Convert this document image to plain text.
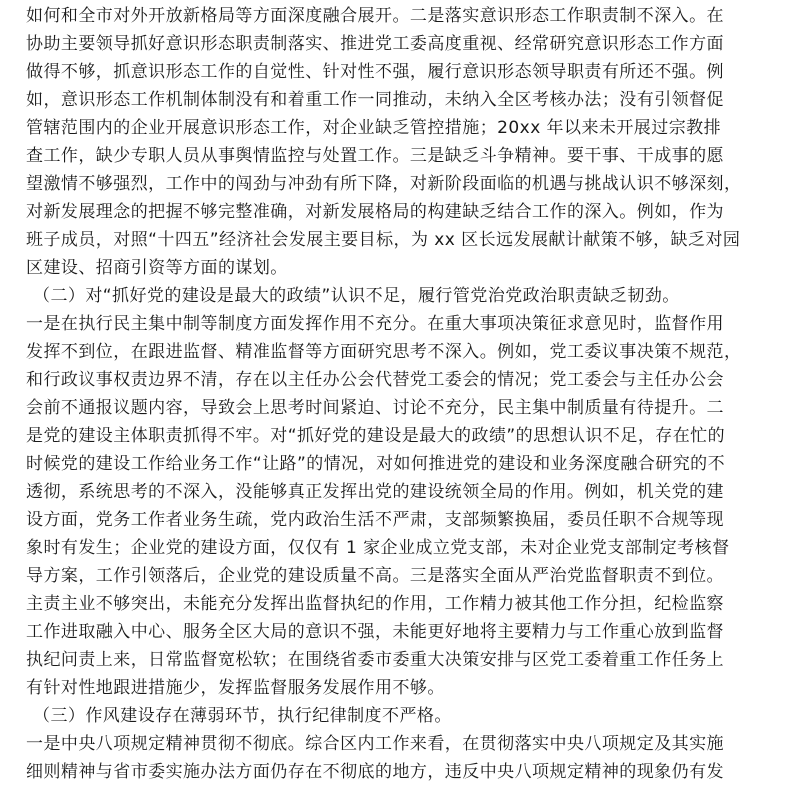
如何和全市对外开放新格局等方面深度融合展开。二是落实意识形态工作职责制不深入。在
协助主要领导抓好意识形态职责制落实、推进党工委高度重视、经常研究意识形态工作方面
做得不够，抓意识形态工作的自觉性、针对性不强，履行意识形态领导职责有所还不强。例
如，意识形态工作机制体制没有和着重工作一同推动，未纳入全区考核办法；没有引领督促
管辖范围内的企业开展意识形态工作，对企业缺乏管控措施；20xx 年以来未开展过宗教排
查工作，缺少专职人员从事舆情监控与处置工作。三是缺乏斗争精神。要干事、干成事的愿
望激情不够强烈，工作中的闯劲与冲劲有所下降，对新阶段面临的机遇与挑战认识不够深刻，
对新发展理念的把握不够完整准确，对新发展格局的构建缺乏结合工作的深入。例如，作为
班子成员，对照“十四五”经济社会发展主要目标，为 xx 区长远发展献计献策不够，缺乏对园
区建设、招商引资等方面的谋划。
（二）对“抓好党的建设是最大的政绩”认识不足，履行管党治党政治职责缺乏韧劲。
一是在执行民主集中制等制度方面发挥作用不充分。在重大事项决策征求意见时，监督作用
发挥不到位，在跟进监督、精准监督等方面研究思考不深入。例如，党工委议事决策不规范，
和行政议事权责边界不清，存在以主任办公会代替党工委会的情况；党工委会与主任办公会
会前不通报议题内容，导致会上思考时间紧迫、讨论不充分，民主集中制质量有待提升。二
是党的建设主体职责抓得不牢。对“抓好党的建设是最大的政绩”的思想认识不足，存在忙的
时候党的建设工作给业务工作“让路”的情况，对如何推进党的建设和业务深度融合研究的不
透彻，系统思考的不深入，没能够真正发挥出党的建设统领全局的作用。例如，机关党的建
设方面，党务工作者业务生疏，党内政治生活不严肃，支部频繁换届，委员任职不合规等现
象时有发生；企业党的建设方面，仅仅有 1 家企业成立党支部，未对企业党支部制定考核督
导方案，工作引领落后，企业党的建设质量不高。三是落实全面从严治党监督职责不到位。
主责主业不够突出，未能充分发挥出监督执纪的作用，工作精力被其他工作分担，纪检监察
工作进取融入中心、服务全区大局的意识不强，未能更好地将主要精力与工作重心放到监督
执纪问责上来，日常监督宽松软；在围绕省委市委重大决策安排与区党工委着重工作任务上
有针对性地跟进措施少，发挥监督服务发展作用不够。
（三）作风建设存在薄弱环节，执行纪律制度不严格。
一是中央八项规定精神贯彻不彻底。综合区内工作来看，在贯彻落实中央八项规定及其实施
细则精神与省市委实施办法方面仍存在不彻底的地方，违反中央八项规定精神的现象仍有发
